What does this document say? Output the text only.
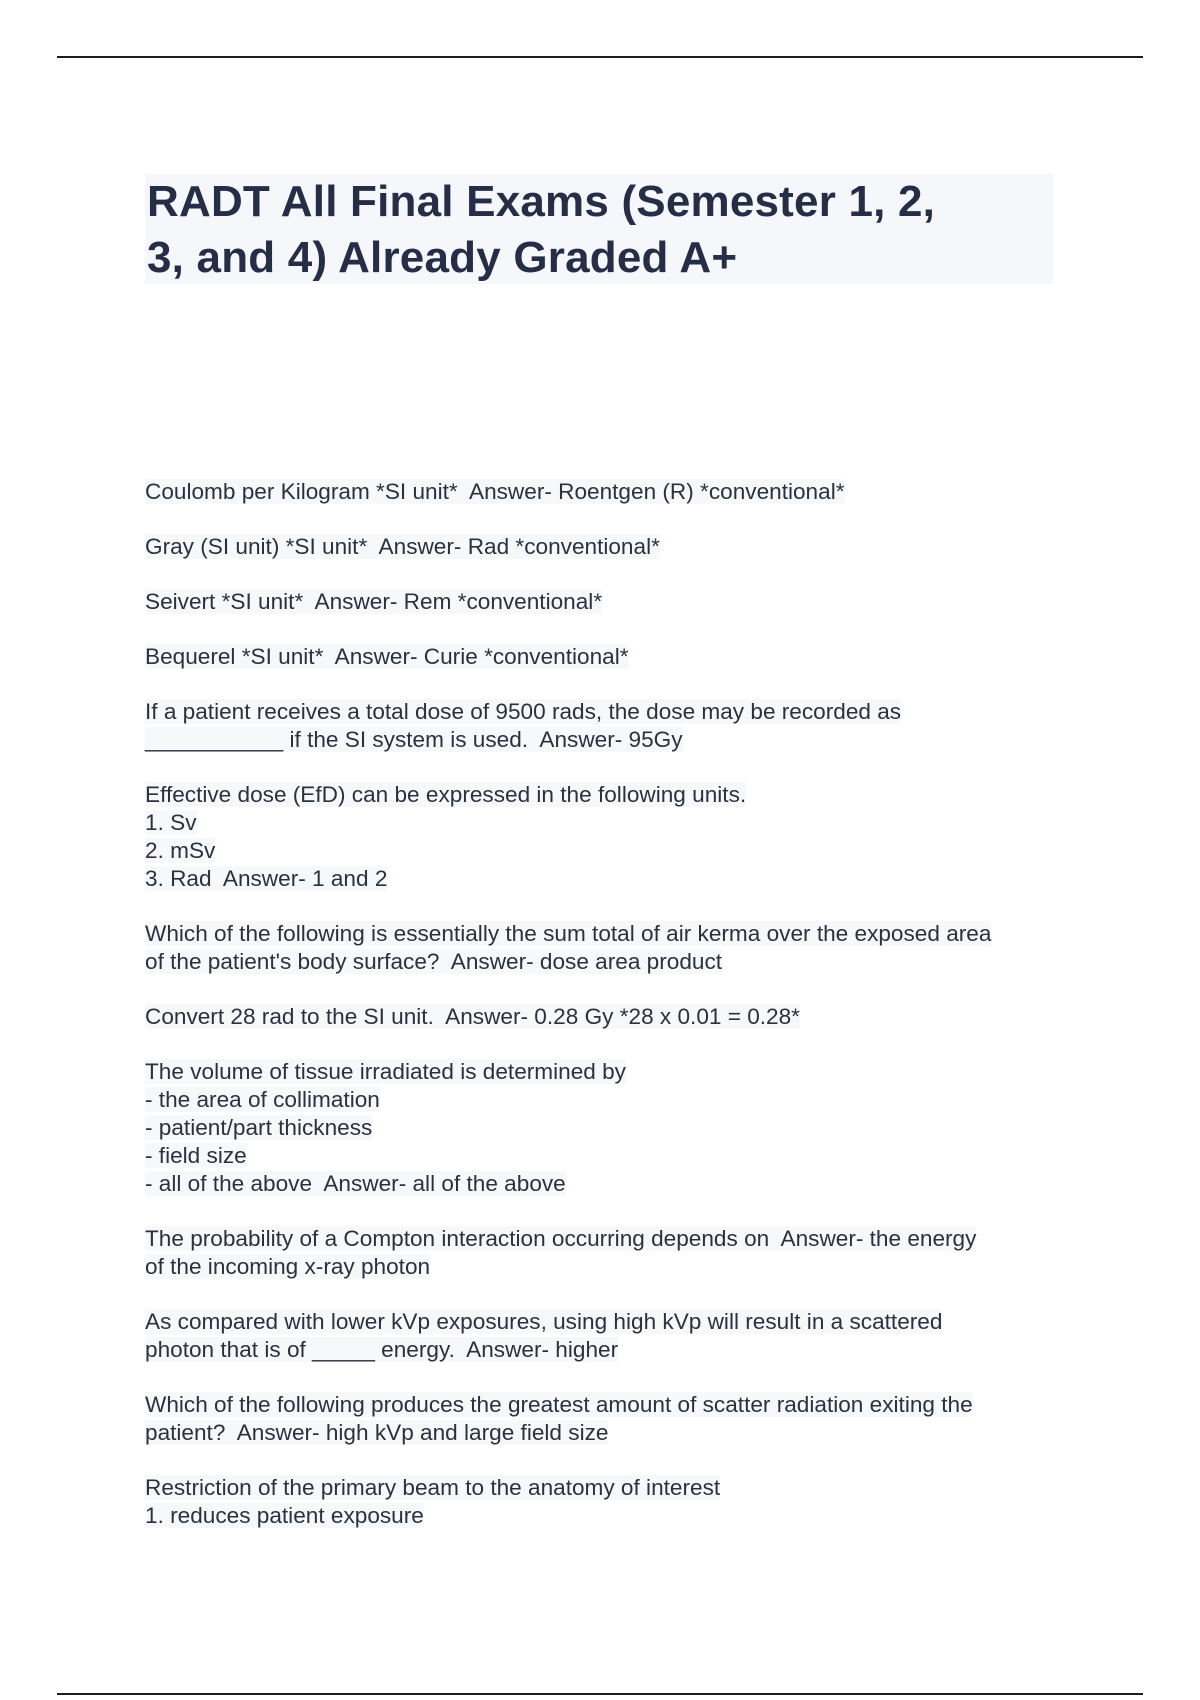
RADT All Final Exams (Semester 1, 2,
3, and 4) Already Graded A+
Coulomb per Kilogram *SI unit*  Answer- Roentgen (R) *conventional*
Gray (SI unit) *SI unit*  Answer- Rad *conventional*
Seivert *SI unit*  Answer- Rem *conventional*
Bequerel *SI unit*  Answer- Curie *conventional*
If a patient receives a total dose of 9500 rads, the dose may be recorded as
___________ if the SI system is used.  Answer- 95Gy
Effective dose (EfD) can be expressed in the following units.
1. Sv
2. mSv
3. Rad  Answer- 1 and 2
Which of the following is essentially the sum total of air kerma over the exposed area
of the patient's body surface?  Answer- dose area product
Convert 28 rad to the SI unit.  Answer- 0.28 Gy *28 x 0.01 = 0.28*
The volume of tissue irradiated is determined by
- the area of collimation
- patient/part thickness
- field size
- all of the above  Answer- all of the above
The probability of a Compton interaction occurring depends on  Answer- the energy
of the incoming x-ray photon
As compared with lower kVp exposures, using high kVp will result in a scattered
photon that is of _____ energy.  Answer- higher
Which of the following produces the greatest amount of scatter radiation exiting the
patient?  Answer- high kVp and large field size
Restriction of the primary beam to the anatomy of interest
1. reduces patient exposure
